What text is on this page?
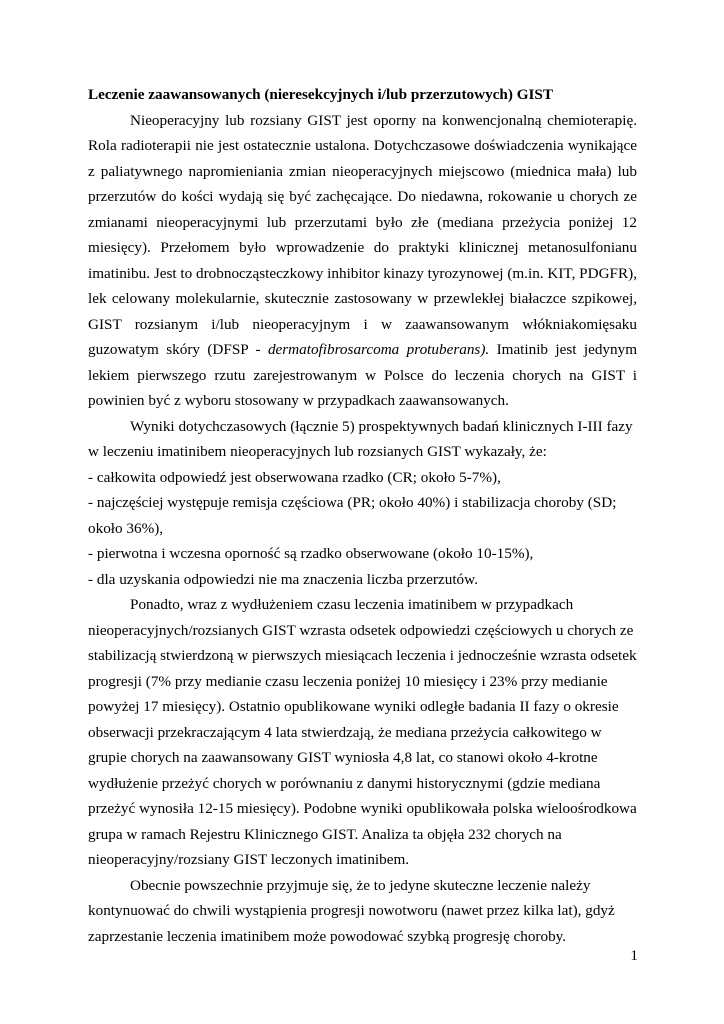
Leczenie zaawansowanych (nieresekcyjnych i/lub przerzutowych) GIST

Nieoperacyjny lub rozsiany GIST jest oporny na konwencjonalną chemioterapię. Rola radioterapii nie jest ostatecznie ustalona. Dotychczasowe doświadczenia wynikające z paliatywnego napromieniania zmian nieoperacyjnych miejscowo (miednica mała) lub przerzutów do kości wydają się być zachęcające. Do niedawna, rokowanie u chorych ze zmianami nieoperacyjnymi lub przerzutami było złe (mediana przeżycia poniżej 12 miesięcy). Przełomem było wprowadzenie do praktyki klinicznej metanosulfonianu imatinibu. Jest to drobnocząsteczkowy inhibitor kinazy tyrozynowej (m.in. KIT, PDGFR), lek celowany molekularnie, skutecznie zastosowany w przewlekłej białaczce szpikowej, GIST rozsianym i/lub nieoperacyjnym i w zaawansowanym włókniakomięsaku guzowatym skóry (DFSP - dermatofibrosarcoma protuberans). Imatinib jest jedynym lekiem pierwszego rzutu zarejestrowanym w Polsce do leczenia chorych na GIST i powinien być z wyboru stosowany w przypadkach zaawansowanych.

Wyniki dotychczasowych (łącznie 5) prospektywnych badań klinicznych I-III fazy w leczeniu imatinibem nieoperacyjnych lub rozsianych GIST wykazały, że:

- całkowita odpowiedź jest obserwowana rzadko (CR; około 5-7%),
- najczęściej występuje remisja częściowa (PR; około 40%) i stabilizacja choroby (SD; około 36%),
- pierwotna i wczesna oporność są rzadko obserwowane (około 10-15%),
- dla uzyskania odpowiedzi nie ma znaczenia liczba przerzutów.

Ponadto, wraz z wydłużeniem czasu leczenia imatinibem w przypadkach nieoperacyjnych/rozsianych GIST wzrasta odsetek odpowiedzi częściowych u chorych ze stabilizacją stwierdzoną w pierwszych miesiącach leczenia i jednocześnie wzrasta odsetek progresji (7% przy medianie czasu leczenia poniżej 10 miesięcy i 23% przy medianie powyżej 17 miesięcy). Ostatnio opublikowane wyniki odległe badania II fazy o okresie obserwacji przekraczającym 4 lata stwierdzają, że mediana przeżycia całkowitego w grupie chorych na zaawansowany GIST wyniosła 4,8 lat, co stanowi około 4-krotne wydłużenie przeżyć chorych w porównaniu z danymi historycznymi (gdzie mediana przeżyć wynosiła 12-15 miesięcy). Podobne wyniki opublikowała polska wieloośrodkowa grupa w ramach Rejestru Klinicznego GIST. Analiza ta objęła 232 chorych na nieoperacyjny/rozsiany GIST leczonych imatinibem.

Obecnie powszechnie przyjmuje się, że to jedyne skuteczne leczenie należy kontynuować do chwili wystąpienia progresji nowotworu (nawet przez kilka lat), gdyż zaprzestanie leczenia imatinibem może powodować szybką progresję choroby.

1
